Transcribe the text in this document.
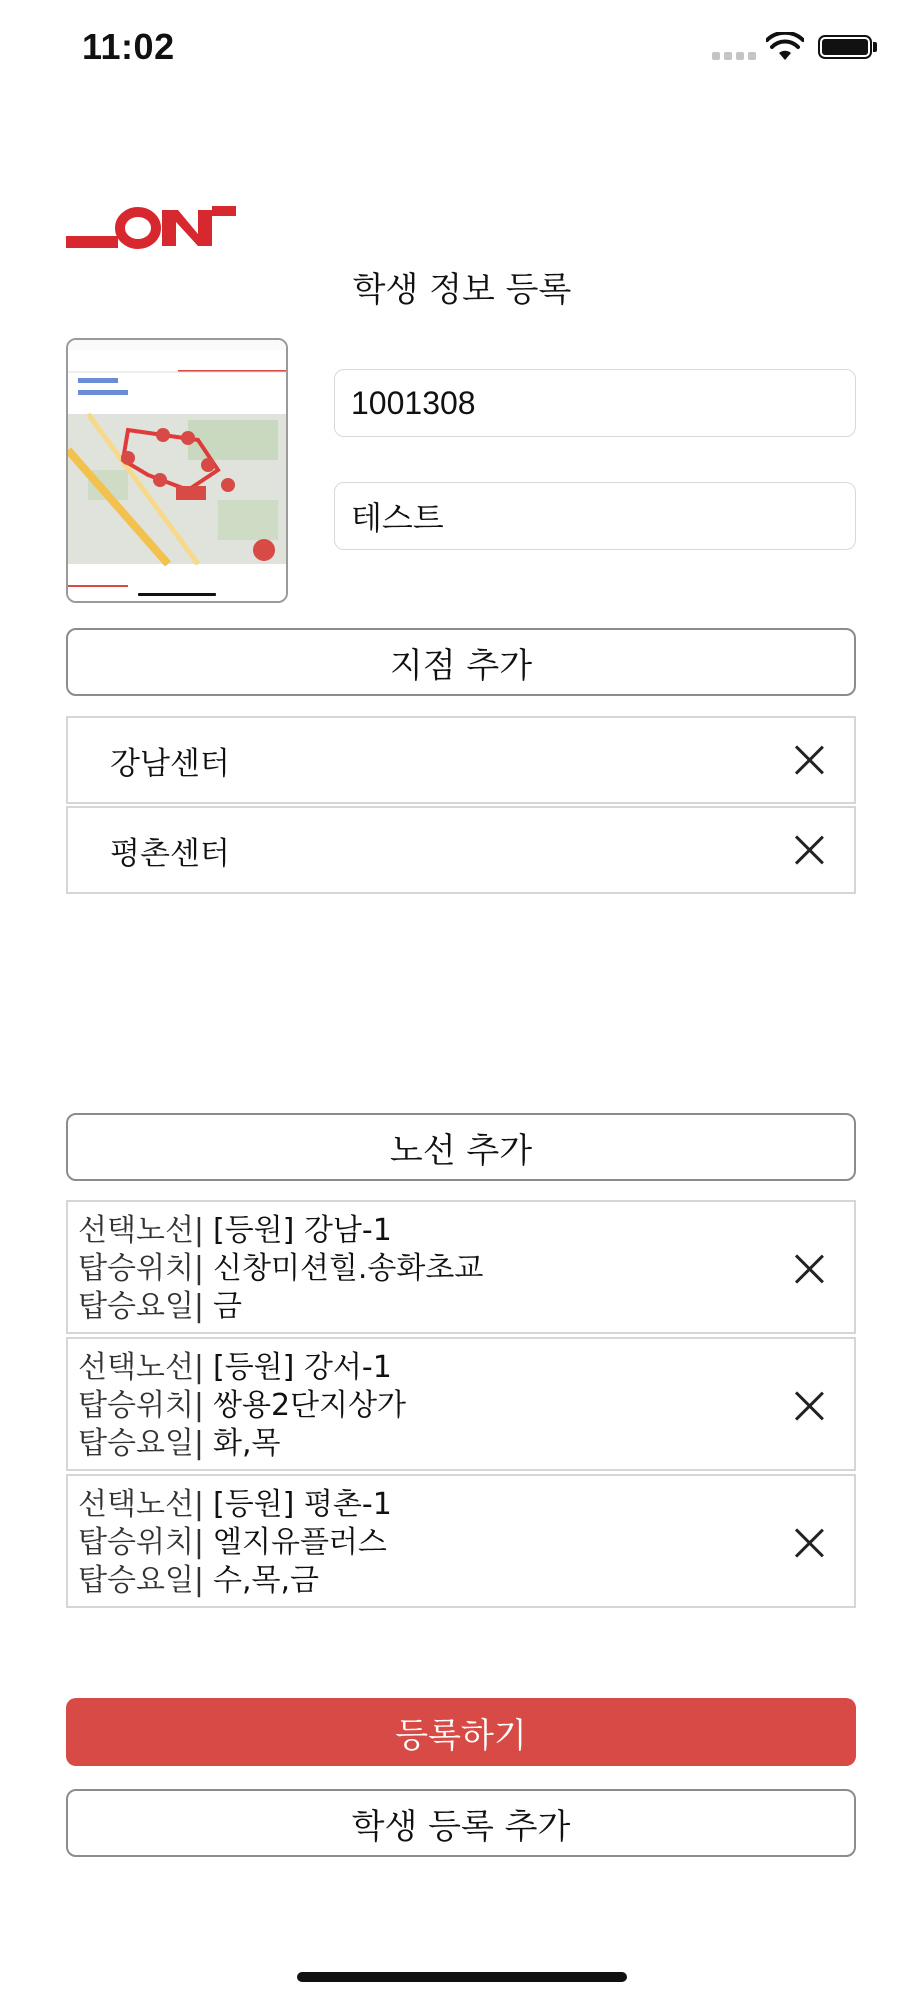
11:02
학생 정보 등록
1001308
테스트
지점 추가
강남센터
평촌센터
노선 추가
선택노선| [등원] 강남-1
탑승위치| 신창미션힐.송화초교
탑승요일| 금
선택노선| [등원] 강서-1
탑승위치| 쌍용2단지상가
탑승요일| 화,목
선택노선| [등원] 평촌-1
탑승위치| 엘지유플러스
탑승요일| 수,목,금
등록하기
학생 등록 추가
